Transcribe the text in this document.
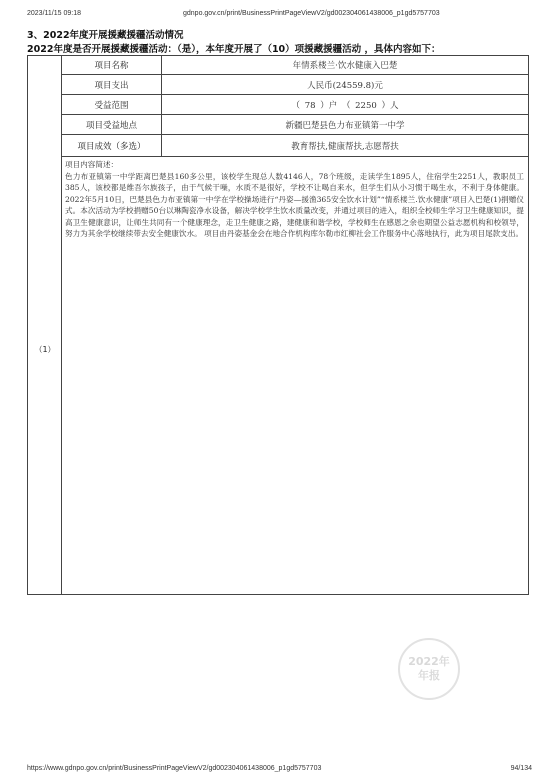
2023/11/15 09:18	gdnpo.gov.cn/print/BusinessPrintPageViewV2/gd002304061438006_p1gd5757703
3、2022年度开展援藏援疆活动情况
2022年度是否开展援藏援疆活动：（是），本年度开展了（10）项援藏援疆活动 ，具体内容如下：
（1）
项目名称	年情系楼兰·饮水健康入巴楚
项目支出	人民币(24559.8)元
受益范围	（ 78 ）户 （ 2250 ）人
项目受益地点	新疆巴楚县色力布亚镇第一中学
项目成效（多选）	教育帮扶,健康帮扶,志愿帮扶
项目内容简述：
色力布亚镇第一中学距离巴楚县160多公里，该校学生现总人数4146人，78个班级，走读学生1895人，住宿学生2251人，教职员工385人，该校都是维吾尔族孩子，由于气候干噪，水质不是很好，学校不让喝自来水，但学生们从小习惯于喝生水，不利于身体健康。2022年5月10日，巴楚县色力布亚镇第一中学在学校操场进行“丹姿—援渔365安全饮水计划”“情系楼兰.饮水健康”项目入巴楚(1)捐赠仪式。本次活动为学校捐赠50台以琳陶瓷净水设备，解决学校学生饮水质量改变，并通过项目的进入，组织全校师生学习卫生健康知识，提高卫生健康意识，让师生共同有一个健康理念，走卫生健康之路，建健康和谐学校，学校师生在感恩之余也期望公益志愿机构和校领导，努力为其余学校继续带去安全健康饮水。 项目由丹姿基金会在地合作机构库尔勒市红柳社会工作服务中心落地执行，此为项目尾款支出。
2022年
年报
https://www.gdnpo.gov.cn/print/BusinessPrintPageViewV2/gd002304061438006_p1gd5757703	94/134
